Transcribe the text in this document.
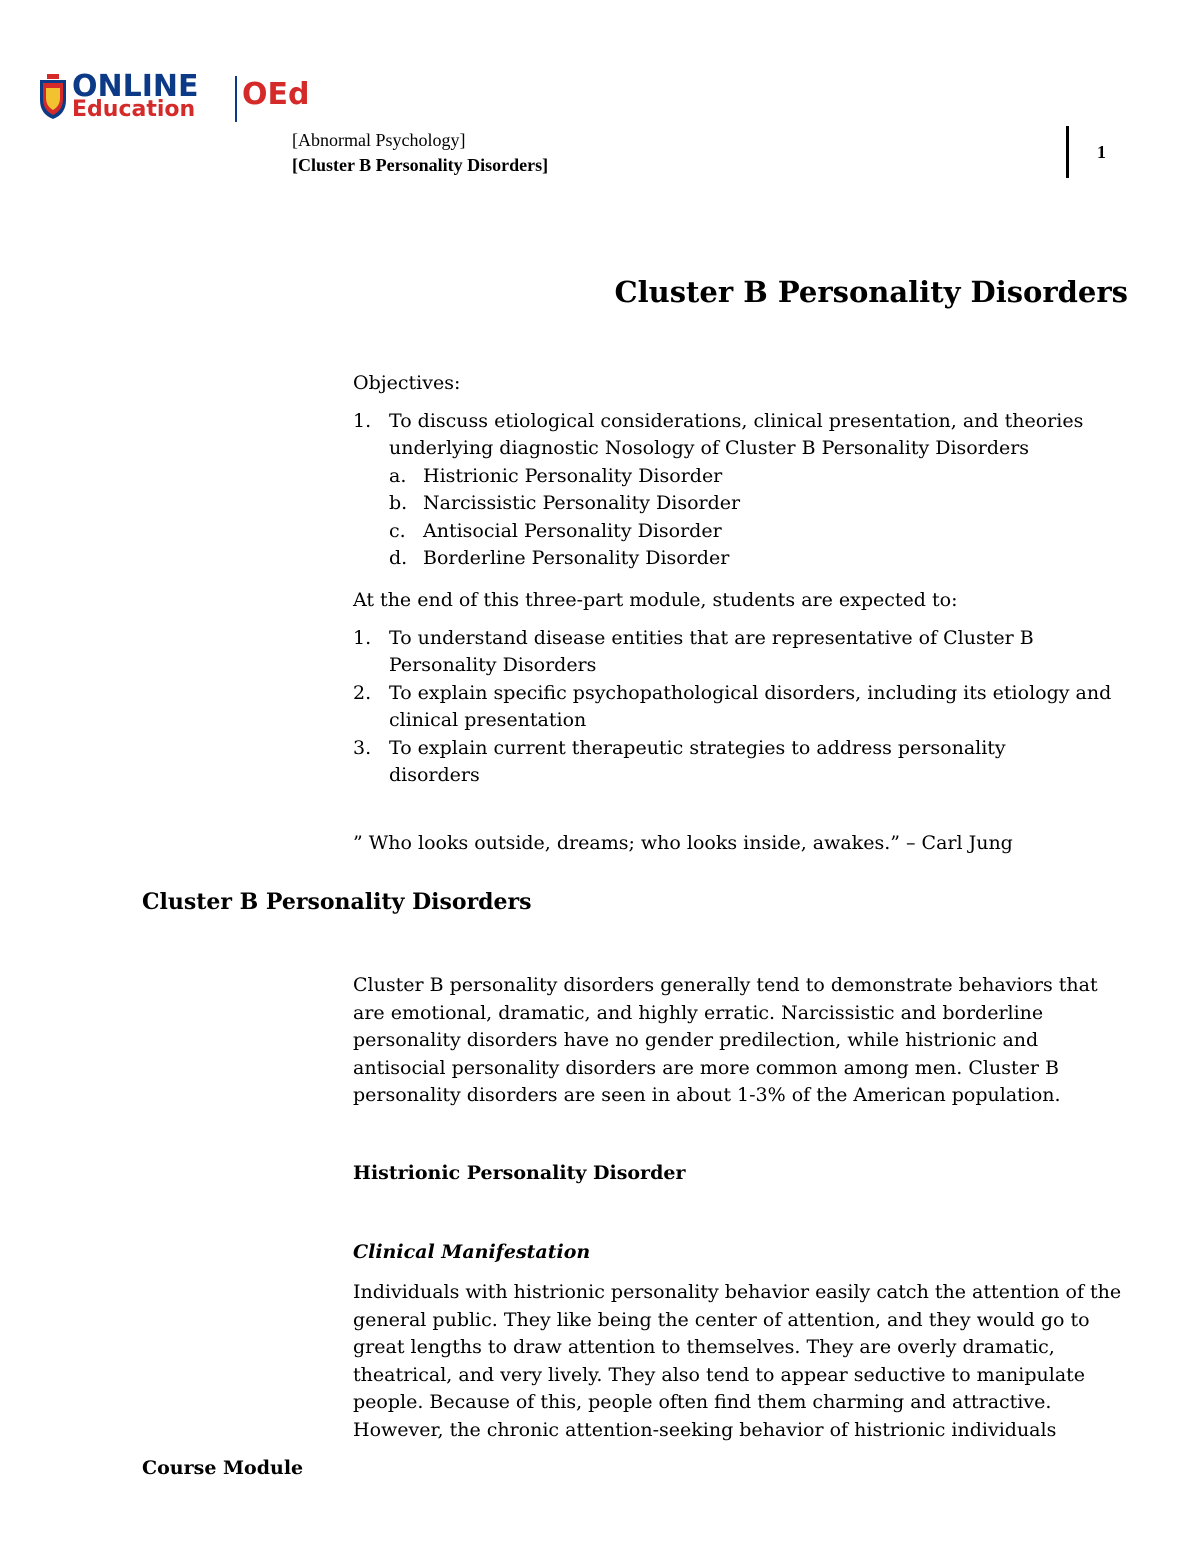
ONLINE
Education OEd
[Abnormal Psychology]
[Cluster B Personality Disorders]
1
Cluster B Personality Disorders
Objectives:
1. To discuss etiological considerations, clinical presentation, and theories underlying diagnostic Nosology of Cluster B Personality Disorders
a. Histrionic Personality Disorder
b. Narcissistic Personality Disorder
c. Antisocial Personality Disorder
d. Borderline Personality Disorder
At the end of this three-part module, students are expected to:
1. To understand disease entities that are representative of Cluster B Personality Disorders
2. To explain specific psychopathological disorders, including its etiology and clinical presentation
3. To explain current therapeutic strategies to address personality disorders
” Who looks outside, dreams; who looks inside, awakes.” – Carl Jung
Cluster B Personality Disorders
Cluster B personality disorders generally tend to demonstrate behaviors that are emotional, dramatic, and highly erratic. Narcissistic and borderline personality disorders have no gender predilection, while histrionic and antisocial personality disorders are more common among men. Cluster B personality disorders are seen in about 1-3% of the American population.
Histrionic Personality Disorder
Clinical Manifestation
Individuals with histrionic personality behavior easily catch the attention of the general public. They like being the center of attention, and they would go to great lengths to draw attention to themselves. They are overly dramatic, theatrical, and very lively. They also tend to appear seductive to manipulate people. Because of this, people often find them charming and attractive. However, the chronic attention-seeking behavior of histrionic individuals
Course Module
